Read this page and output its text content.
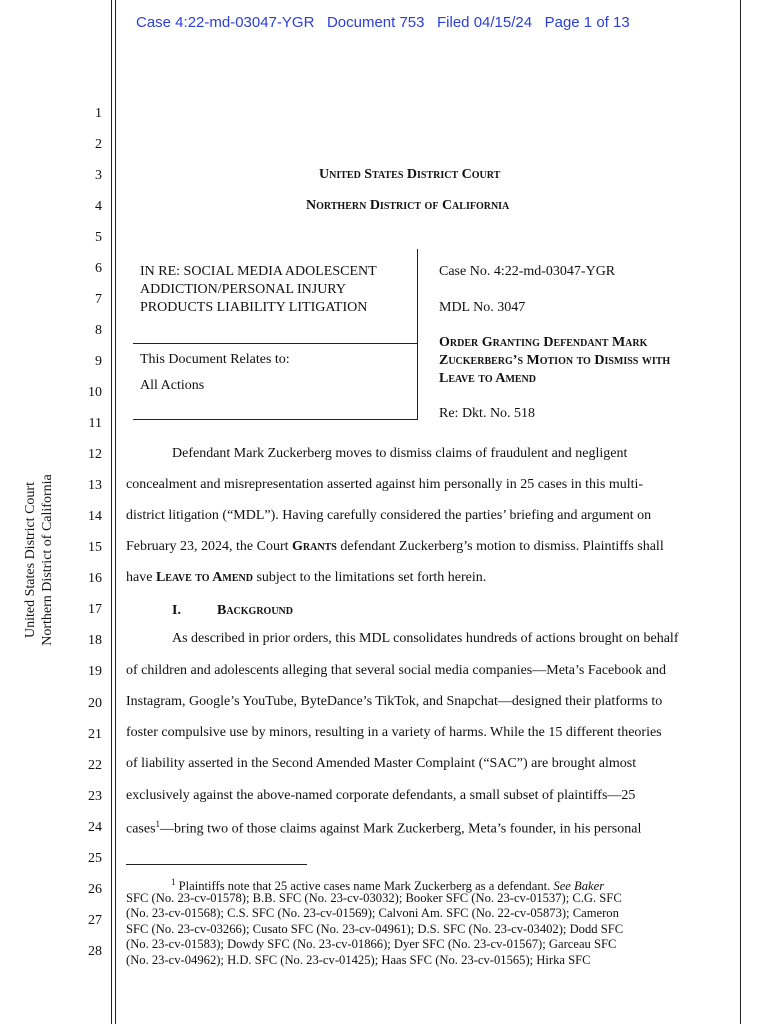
Case 4:22-md-03047-YGR Document 753 Filed 04/15/24 Page 1 of 13
United States District Court Northern District of California
1
2
3
4
5
6
7
8
9
10
11
12
13
14
15
16
17
18
19
20
21
22
23
24
25
26
27
28
United States District Court
Northern District of California
IN RE: SOCIAL MEDIA ADOLESCENT
ADDICTION/PERSONAL INJURY
PRODUCTS LIABILITY LITIGATION
This Document Relates to:
All Actions
Case No. 4:22-md-03047-YGR
MDL No. 3047
Order Granting Defendant Mark
Zuckerberg’s Motion to Dismiss with
Leave to Amend
Re: Dkt. No. 518
Defendant Mark Zuckerberg moves to dismiss claims of fraudulent and negligent
concealment and misrepresentation asserted against him personally in 25 cases in this multi-
district litigation (“MDL”). Having carefully considered the parties’ briefing and argument on
February 23, 2024, the Court Grants defendant Zuckerberg’s motion to dismiss. Plaintiffs shall
have Leave to Amend subject to the limitations set forth herein.
I.	Background
As described in prior orders, this MDL consolidates hundreds of actions brought on behalf
of children and adolescents alleging that several social media companies—Meta’s Facebook and
Instagram, Google’s YouTube, ByteDance’s TikTok, and Snapchat—designed their platforms to
foster compulsive use by minors, resulting in a variety of harms. While the 15 different theories
of liability asserted in the Second Amended Master Complaint (“SAC”) are brought almost
exclusively against the above-named corporate defendants, a small subset of plaintiffs—25
cases$^1$—bring two of those claims against Mark Zuckerberg, Meta’s founder, in his personal
$^1$ Plaintiffs note that 25 active cases name Mark Zuckerberg as a defendant. See Baker
SFC (No. 23-cv-01578); B.B. SFC (No. 23-cv-03032); Booker SFC (No. 23-cv-01537); C.G. SFC
(No. 23-cv-01568); C.S. SFC (No. 23-cv-01569); Calvoni Am. SFC (No. 22-cv-05873); Cameron
SFC (No. 23-cv-03266); Cusato SFC (No. 23-cv-04961); D.S. SFC (No. 23-cv-03402); Dodd SFC
(No. 23-cv-01583); Dowdy SFC (No. 23-cv-01866); Dyer SFC (No. 23-cv-01567); Garceau SFC
(No. 23-cv-04962); H.D. SFC (No. 23-cv-01425); Haas SFC (No. 23-cv-01565); Hirka SFC
